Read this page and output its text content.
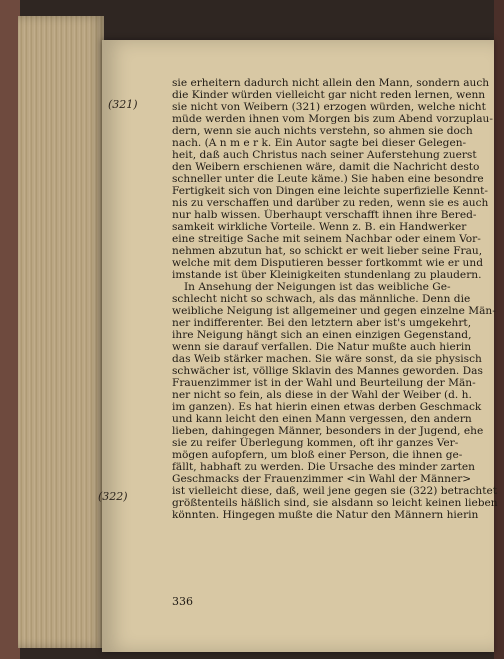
(321)
(322)
sie erheitern dadurch nicht allein den Mann, sondern auch
die Kinder würden vielleicht gar nicht reden lernen, wenn
sie nicht von Weibern (321) erzogen würden, welche nicht
müde werden ihnen vom Morgen bis zum Abend vorzuplau-
dern, wenn sie auch nichts verstehn, so ahmen sie doch
nach. (A n m e r k. Ein Autor sagte bei dieser Gelegen-
heit, daß auch Christus nach seiner Auferstehung zuerst
den Weibern erschienen wäre, damit die Nachricht desto
schneller unter die Leute käme.) Sie haben eine besondre
Fertigkeit sich von Dingen eine leichte superfizielle Kennt-
nis zu verschaffen und darüber zu reden, wenn sie es auch
nur halb wissen. Überhaupt verschafft ihnen ihre Bered-
samkeit wirkliche Vorteile. Wenn z. B. ein Handwerker
eine streitige Sache mit seinem Nachbar oder einem Vor-
nehmen abzutun hat, so schickt er weit lieber seine Frau,
welche mit dem Disputieren besser fortkommt wie er und
imstande ist über Kleinigkeiten stundenlang zu plaudern.
In Ansehung der Neigungen ist das weibliche Ge-
schlecht nicht so schwach, als das männliche. Denn die
weibliche Neigung ist allgemeiner und gegen einzelne Män-
ner indifferenter. Bei den letztern aber ist's umgekehrt,
ihre Neigung hängt sich an einen einzigen Gegenstand,
wenn sie darauf verfallen. Die Natur mußte auch hierin
das Weib stärker machen. Sie wäre sonst, da sie physisch
schwächer ist, völlige Sklavin des Mannes geworden. Das
Frauenzimmer ist in der Wahl und Beurteilung der Män-
ner nicht so fein, als diese in der Wahl der Weiber (d. h.
im ganzen). Es hat hierin einen etwas derben Geschmack
und kann leicht den einen Mann vergessen, den andern
lieben, dahingegen Männer, besonders in der Jugend, ehe
sie zu reifer Überlegung kommen, oft ihr ganzes Ver-
mögen aufopfern, um bloß einer Person, die ihnen ge-
fällt, habhaft zu werden. Die Ursache des minder zarten
Geschmacks der Frauenzimmer <in Wahl der Männer>
ist vielleicht diese, daß, weil jene gegen sie (322) betrachtet
größtenteils häßlich sind, sie alsdann so leicht keinen lieben
könnten. Hingegen mußte die Natur den Männern hierin
336
